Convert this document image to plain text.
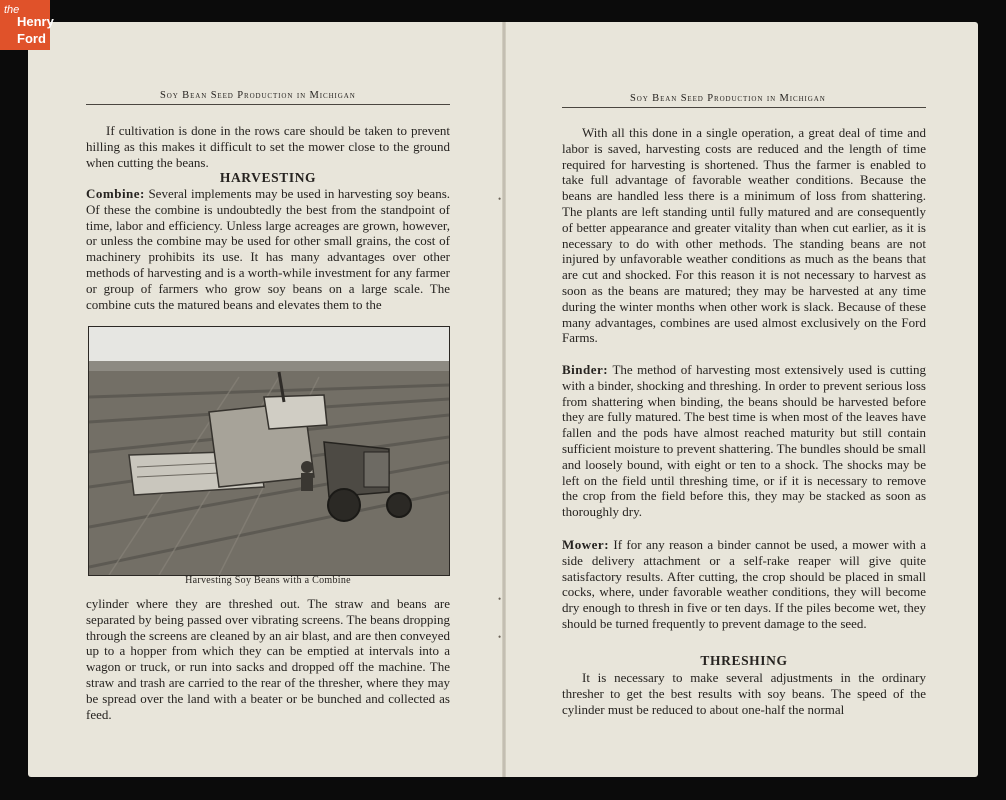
the
Henry
Ford
Soy Bean Seed Production in Michigan

If cultivation is done in the rows care should be taken to prevent hilling as this makes it difficult to set the mower close to the ground when cutting the beans.

HARVESTING

Combine: Several implements may be used in harvesting soy beans. Of these the combine is undoubtedly the best from the standpoint of time, labor and efficiency. Unless large acreages are grown, however, or unless the combine may be used for other small grains, the cost of machinery prohibits its use. It has many advantages over other methods of harvesting and is a worth-while investment for any farmer or group of farmers who grow soy beans on a large scale. The combine cuts the matured beans and elevates them to the

Harvesting Soy Beans with a Combine

cylinder where they are threshed out. The straw and beans are separated by being passed over vibrating screens. The beans dropping through the screens are cleaned by an air blast, and are then conveyed up to a hopper from which they can be emptied at intervals into a wagon or truck, or run into sacks and dropped off the machine. The straw and trash are carried to the rear of the thresher, where they may be spread over the land with a beater or be bunched and collected as feed.

•
•
•
Soy Bean Seed Production in Michigan

With all this done in a single operation, a great deal of time and labor is saved, harvesting costs are reduced and the length of time required for harvesting is shortened. Thus the farmer is enabled to take full advantage of favorable weather conditions. Because the beans are handled less there is a minimum of loss from shattering. The plants are left standing until fully matured and are consequently of better appearance and greater vitality than when cut earlier, as it is necessary to do with other methods. The standing beans are not injured by unfavorable weather conditions as much as the beans that are cut and shocked. For this reason it is not necessary to harvest as soon as the beans are matured; they may be harvested at any time during the winter months when other work is slack. Because of these many advantages, combines are used almost exclusively on the Ford Farms.

Binder: The method of harvesting most extensively used is cutting with a binder, shocking and threshing. In order to prevent serious loss from shattering when binding, the beans should be harvested before they are fully matured. The best time is when most of the leaves have fallen and the pods have almost reached maturity but still contain sufficient moisture to prevent shattering. The bundles should be small and loosely bound, with eight or ten to a shock. The shocks may be left on the field until threshing time, or if it is necessary to remove the crop from the field before this, they may be stacked as soon as thoroughly dry.

Mower: If for any reason a binder cannot be used, a mower with a side delivery attachment or a self-rake reaper will give quite satisfactory results. After cutting, the crop should be placed in small cocks, where, under favorable weather conditions, they will become dry enough to thresh in five or ten days. If the piles become wet, they should be turned frequently to prevent damage to the seed.

THRESHING

It is necessary to make several adjustments in the ordinary thresher to get the best results with soy beans. The speed of the cylinder must be reduced to about one-half the normal
